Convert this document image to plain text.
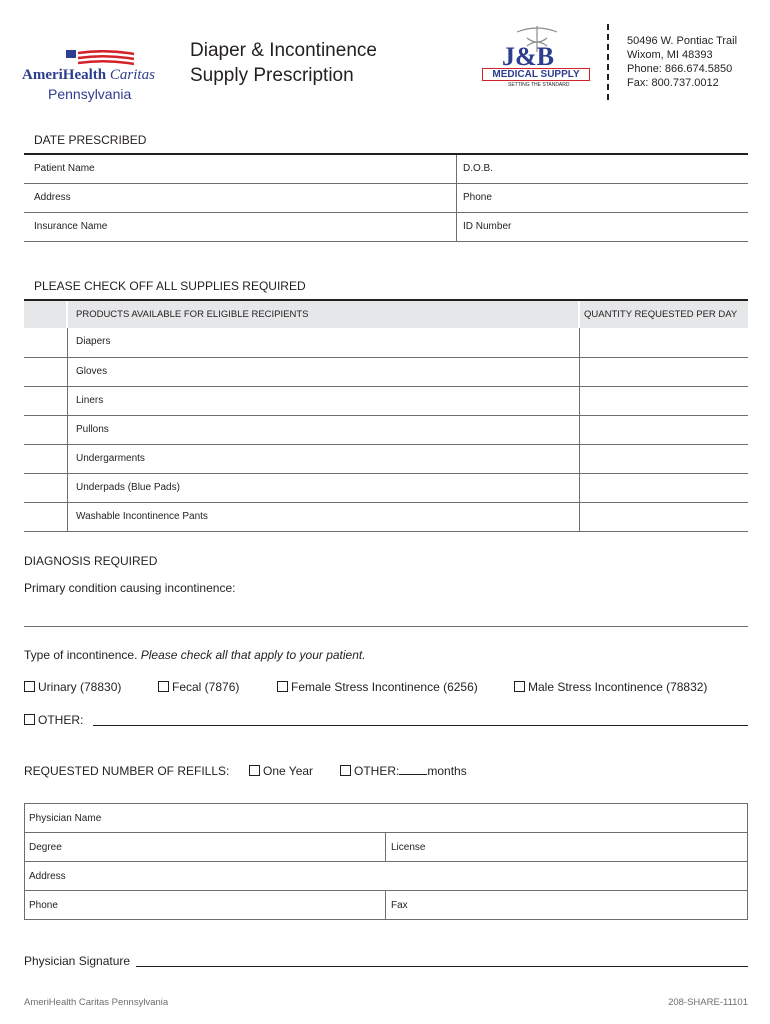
AmeriHealth Caritas
Pennsylvania
Diaper & Incontinence
Supply Prescription
J&B
MEDICAL SUPPLY
SETTING THE STANDARD
50496 W. Pontiac Trail
Wixom, MI 48393
Phone: 866.674.5850
Fax: 800.737.0012
DATE PRESCRIBED
Patient Name	D.O.B.
Address	Phone
Insurance Name	ID Number
PLEASE CHECK OFF ALL SUPPLIES REQUIRED
PRODUCTS AVAILABLE FOR ELIGIBLE RECIPIENTS	QUANTITY REQUESTED PER DAY
Diapers
Gloves
Liners
Pullons
Undergarments
Underpads (Blue Pads)
Washable Incontinence Pants
DIAGNOSIS REQUIRED
Primary condition causing incontinence:
Type of incontinence. Please check all that apply to your patient.
Urinary (78830)	Fecal (7876)	Female Stress Incontinence (6256)	Male Stress Incontinence (78832)
OTHER:
REQUESTED NUMBER OF REFILLS:	One Year	OTHER: months
Physician Name
Degree	License
Address
Phone	Fax
Physician Signature
AmeriHealth Caritas Pennsylvania	208-SHARE-11101
